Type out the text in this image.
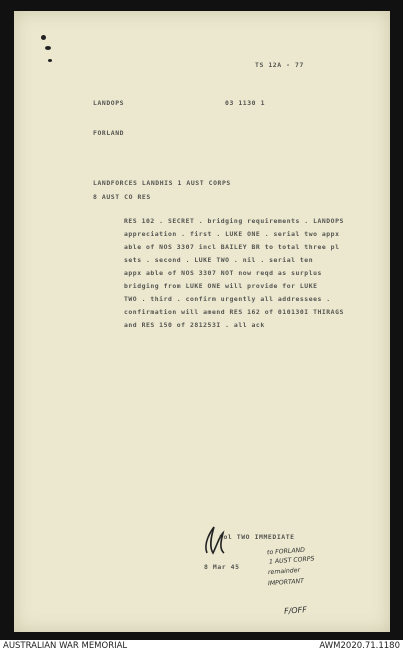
TS 12A - 77
LANDOPS	03 1130 1
FORLAND
LANDFORCES LANDHIS 1 AUST CORPS
8 AUST CO RES
RES 102 . SECRET . bridging requirements . LANDOPS
appreciation . first . LUKE ONE . serial two appx
able of NOS 3307 incl BAILEY BR to total three pl
sets . second . LUKE TWO . nil . serial ten
appx able of NOS 3307 NOT now reqd as surplus
bridging from LUKE ONE will provide for LUKE
TWO . third . confirm urgently all addressees .
confirmation will amend RES 162 of 010130I THIRAGS
and RES 150 of 281253I . all ack
Col TWO IMMEDIATE
8 Mar 45
to FORLAND
1 AUST CORPS
remainder
IMPORTANT
F/OFF
AUSTRALIAN WAR MEMORIAL	AWM2020.71.1180
